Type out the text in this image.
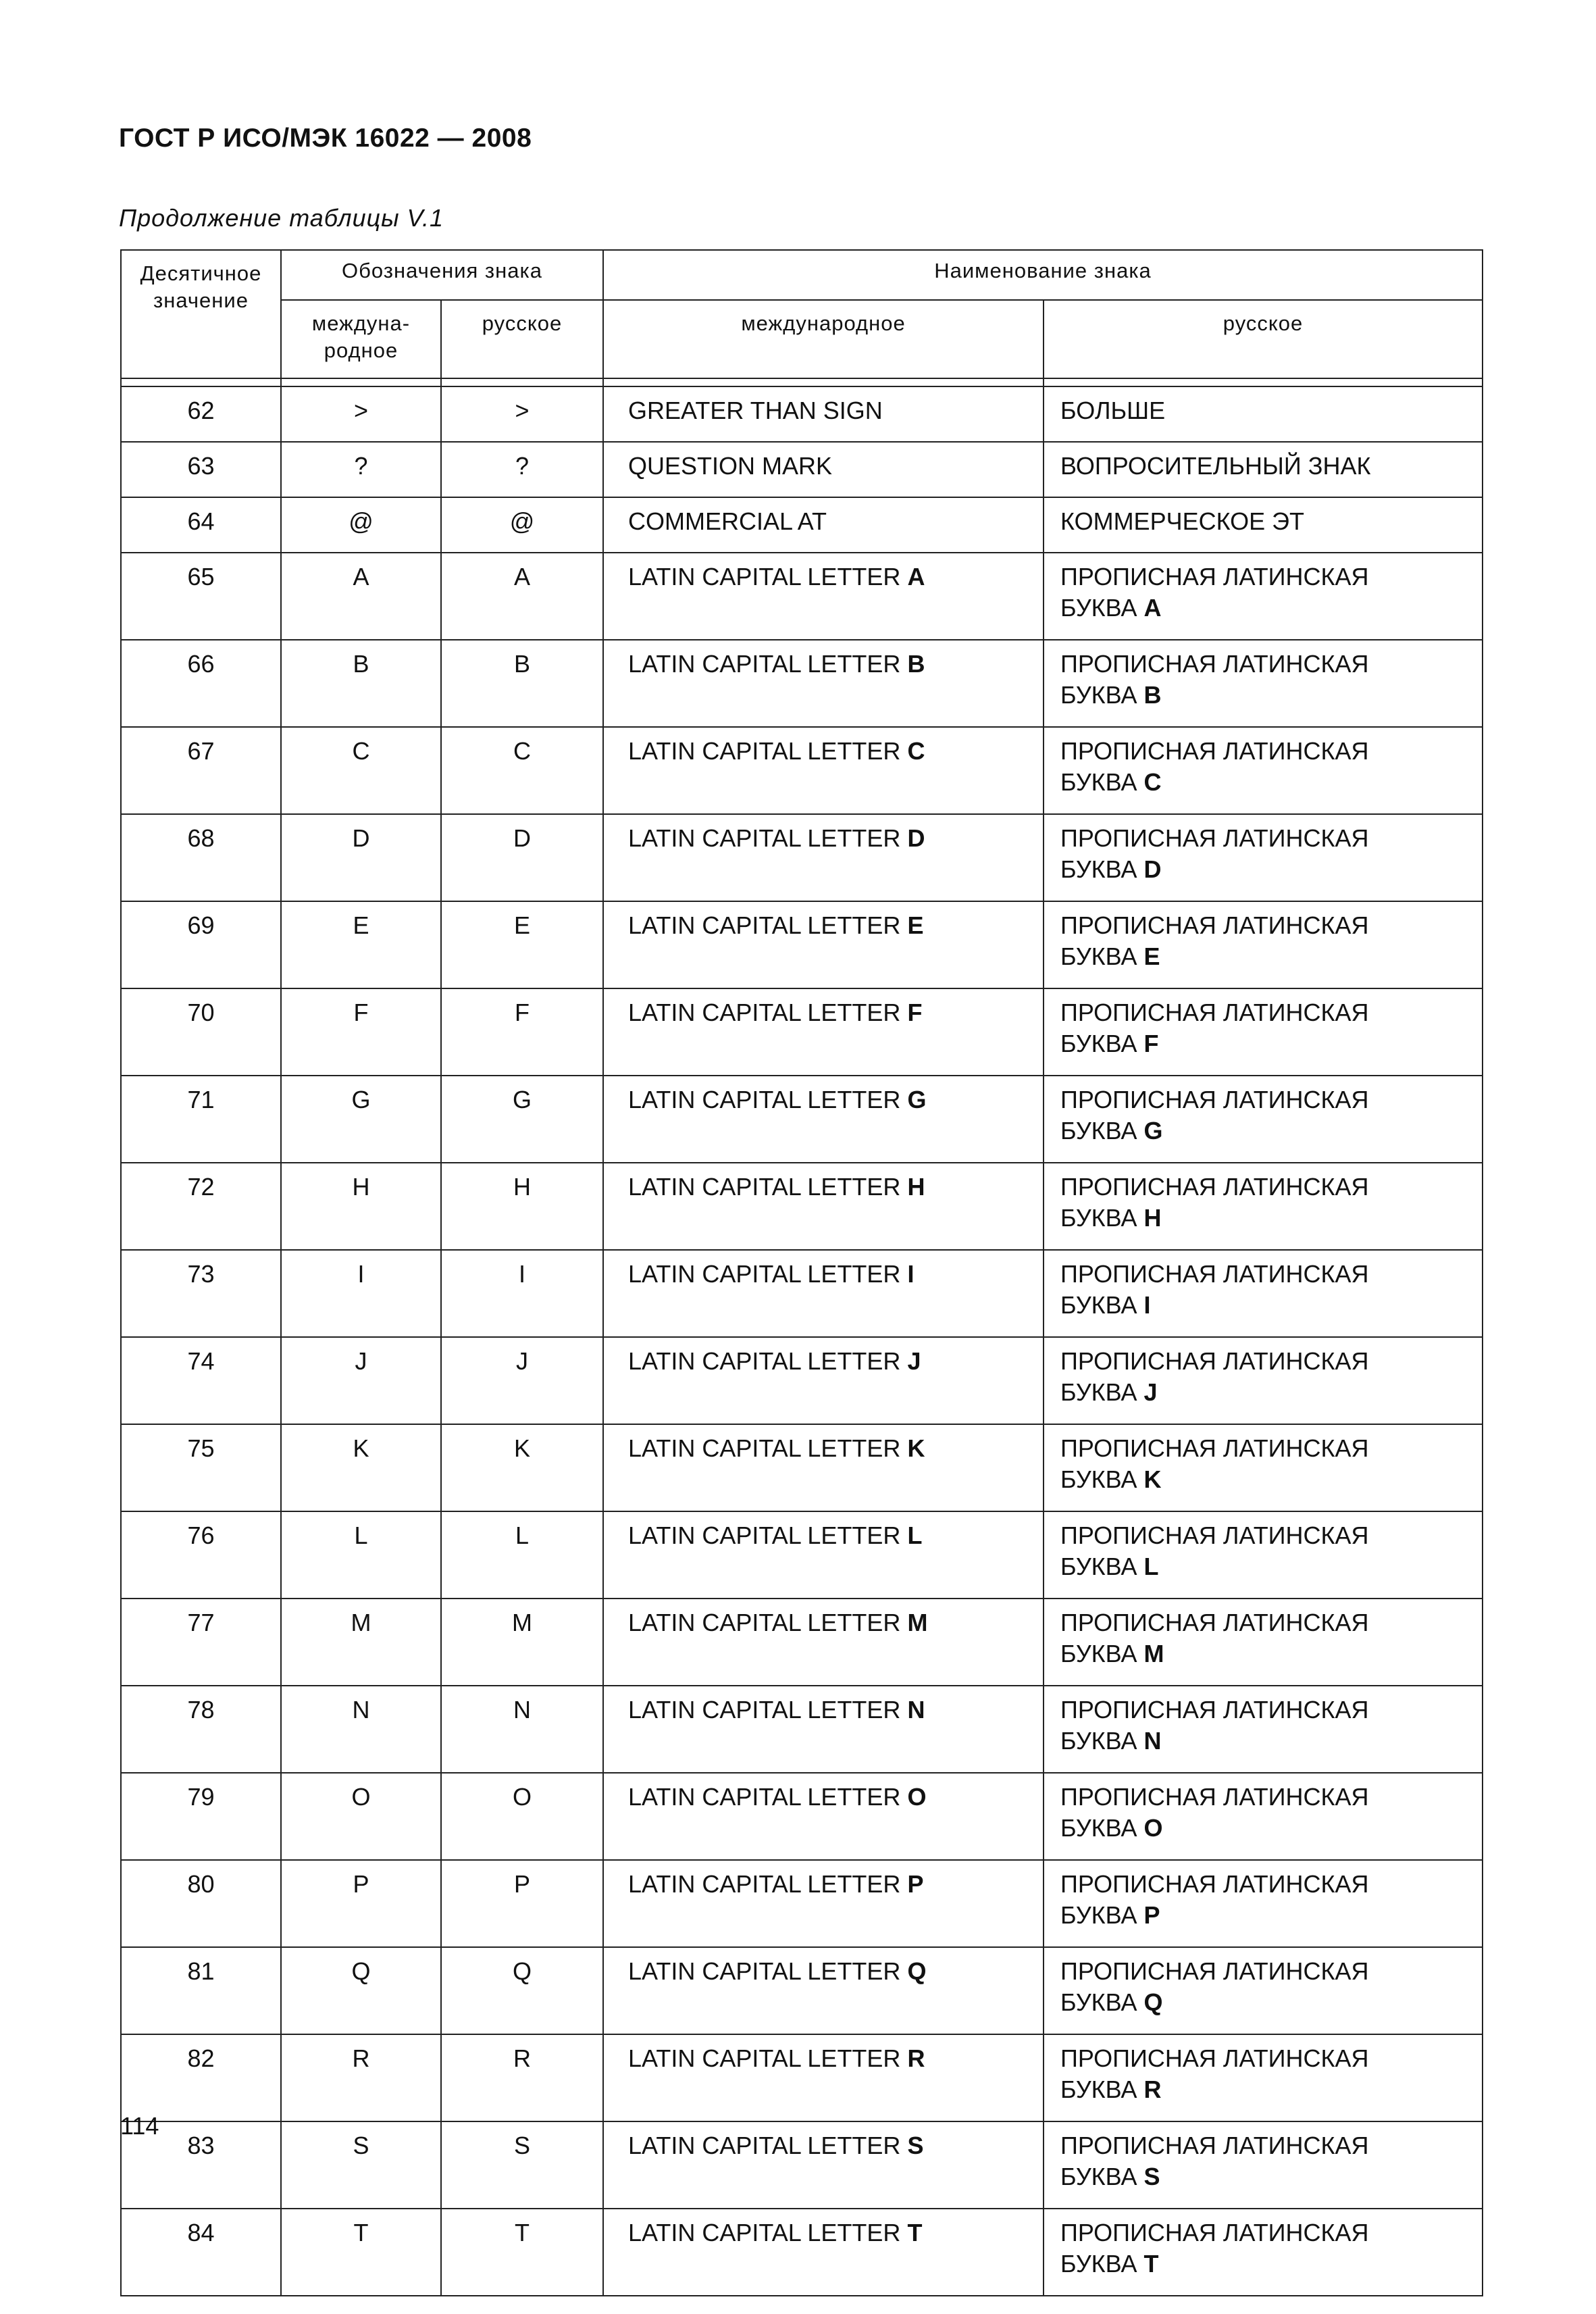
ГОСТ Р ИСО/МЭК 16022 — 2008

Продолжение таблицы V.1

Десятичное значение	Обозначения знака		Наименование знака	
	междуна- родное	русское	международное	русское

62	>	>	GREATER THAN SIGN	БОЛЬШЕ
63	?	?	QUESTION MARK	ВОПРОСИТЕЛЬНЫЙ ЗНАК
64	@	@	COMMERCIAL AT	КОММЕРЧЕСКОЕ ЭТ
65	A	A	LATIN CAPITAL LETTER A	ПРОПИСНАЯ ЛАТИНСКАЯ
БУКВА A

66	B	B	LATIN CAPITAL LETTER B	ПРОПИСНАЯ ЛАТИНСКАЯ
БУКВА B

67	C	C	LATIN CAPITAL LETTER C	ПРОПИСНАЯ ЛАТИНСКАЯ
БУКВА C

68	D	D	LATIN CAPITAL LETTER D	ПРОПИСНАЯ ЛАТИНСКАЯ
БУКВА D

69	E	E	LATIN CAPITAL LETTER E	ПРОПИСНАЯ ЛАТИНСКАЯ
БУКВА E

70	F	F	LATIN CAPITAL LETTER F	ПРОПИСНАЯ ЛАТИНСКАЯ
БУКВА F

71	G	G	LATIN CAPITAL LETTER G	ПРОПИСНАЯ ЛАТИНСКАЯ
БУКВА G

72	H	H	LATIN CAPITAL LETTER H	ПРОПИСНАЯ ЛАТИНСКАЯ
БУКВА H

73	I	I	LATIN CAPITAL LETTER I	ПРОПИСНАЯ ЛАТИНСКАЯ
БУКВА I

74	J	J	LATIN CAPITAL LETTER J	ПРОПИСНАЯ ЛАТИНСКАЯ
БУКВА J

75	K	K	LATIN CAPITAL LETTER K	ПРОПИСНАЯ ЛАТИНСКАЯ
БУКВА K

76	L	L	LATIN CAPITAL LETTER L	ПРОПИСНАЯ ЛАТИНСКАЯ
БУКВА L

77	M	M	LATIN CAPITAL LETTER M	ПРОПИСНАЯ ЛАТИНСКАЯ
БУКВА M

78	N	N	LATIN CAPITAL LETTER N	ПРОПИСНАЯ ЛАТИНСКАЯ
БУКВА N

79	O	O	LATIN CAPITAL LETTER O	ПРОПИСНАЯ ЛАТИНСКАЯ
БУКВА O

80	P	P	LATIN CAPITAL LETTER P	ПРОПИСНАЯ ЛАТИНСКАЯ
БУКВА P

81	Q	Q	LATIN CAPITAL LETTER Q	ПРОПИСНАЯ ЛАТИНСКАЯ
БУКВА Q

82	R	R	LATIN CAPITAL LETTER R	ПРОПИСНАЯ ЛАТИНСКАЯ
БУКВА R

83	S	S	LATIN CAPITAL LETTER S	ПРОПИСНАЯ ЛАТИНСКАЯ
БУКВА S

84	T	T	LATIN CAPITAL LETTER T	ПРОПИСНАЯ ЛАТИНСКАЯ
БУКВА T

114
